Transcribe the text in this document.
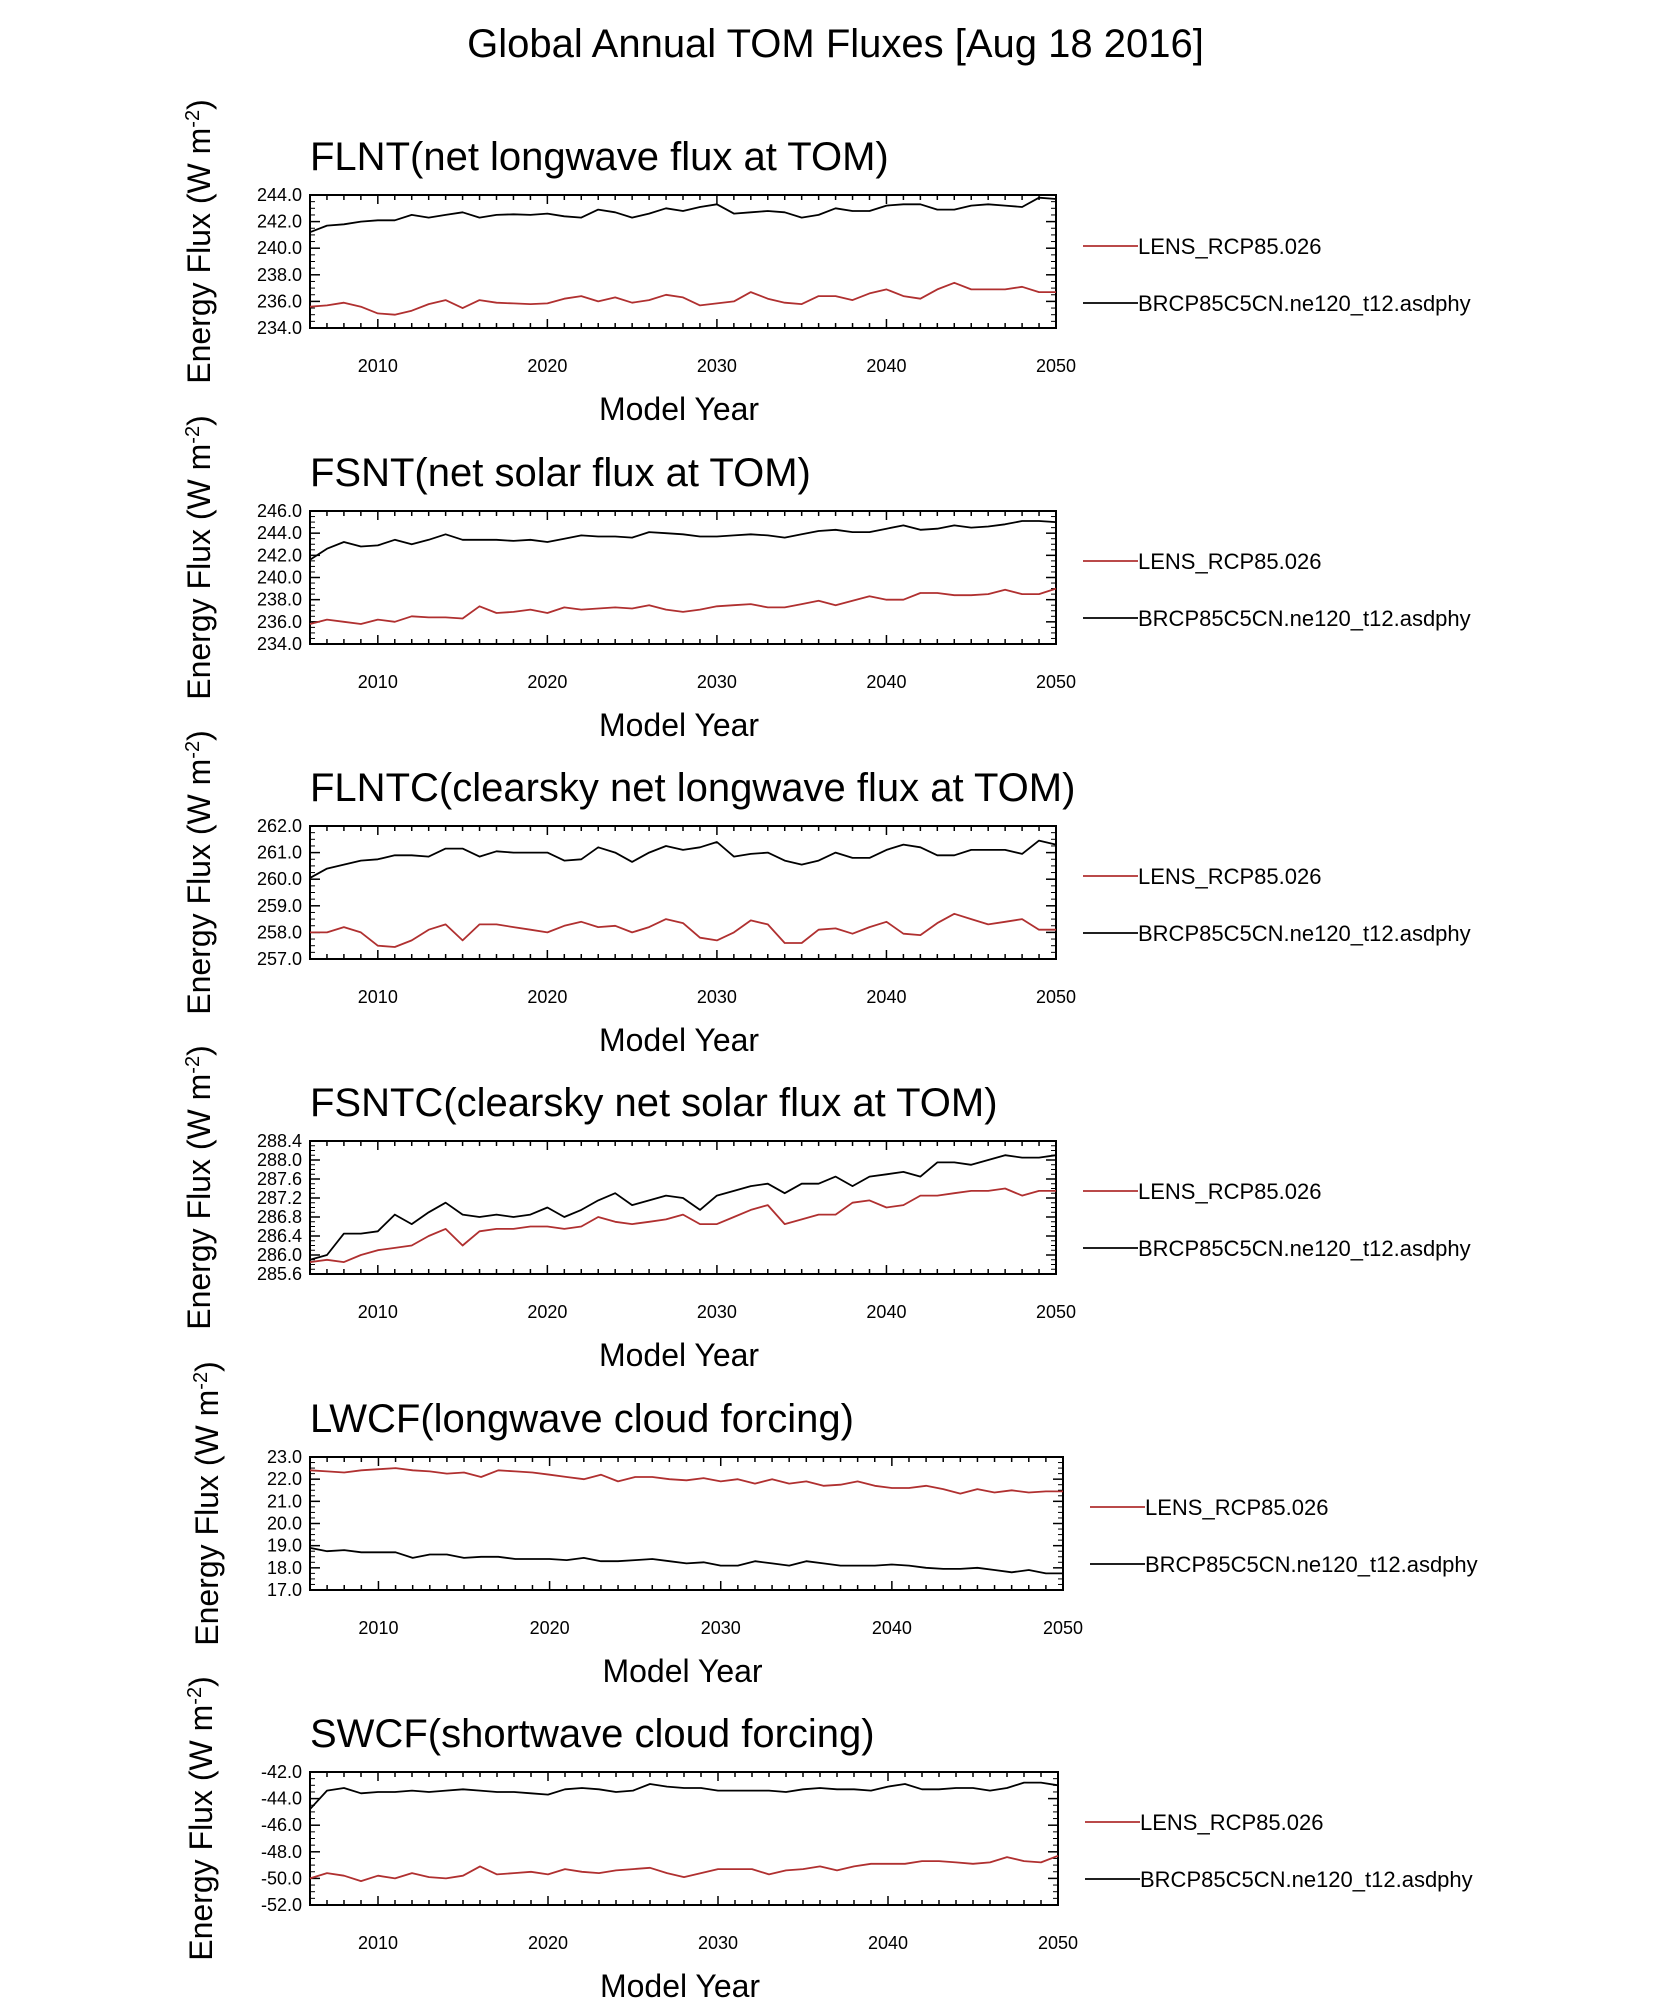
Global Annual TOM Fluxes [Aug 18 2016]
FLNT(net longwave flux at TOM)
2010	2020	2030	2040	2050
244.0
242.0
240.0
238.0
236.0
234.0
Model Year
Energy Flux (W $m^{-2}$)
LENS_RCP85.026
BRCP85C5CN.ne120_t12.asdphy
FSNT(net solar flux at TOM)
2010	2020	2030	2040	2050
246.0
244.0
242.0
240.0
238.0
236.0
234.0
Model Year
Energy Flux (W $m^{-2}$)
LENS_RCP85.026
BRCP85C5CN.ne120_t12.asdphy
FLNTC(clearsky net longwave flux at TOM)
2010	2020	2030	2040	2050
262.0
261.0
260.0
259.0
258.0
257.0
Model Year
Energy Flux (W $m^{-2}$)
LENS_RCP85.026
BRCP85C5CN.ne120_t12.asdphy
FSNTC(clearsky net solar flux at TOM)
2010	2020	2030	2040	2050
288.4
288.0
287.6
287.2
286.8
286.4
286.0
285.6
Model Year
Energy Flux (W $m^{-2}$)
LENS_RCP85.026
BRCP85C5CN.ne120_t12.asdphy
LWCF(longwave cloud forcing)
2010	2020	2030	2040	2050
23.0
22.0
21.0
20.0
19.0
18.0
17.0
Model Year
Energy Flux (W $m^{-2}$)
LENS_RCP85.026
BRCP85C5CN.ne120_t12.asdphy
SWCF(shortwave cloud forcing)
2010	2020	2030	2040	2050
-42.0
-44.0
-46.0
-48.0
-50.0
-52.0
Model Year
Energy Flux (W $m^{-2}$)
LENS_RCP85.026
BRCP85C5CN.ne120_t12.asdphy
